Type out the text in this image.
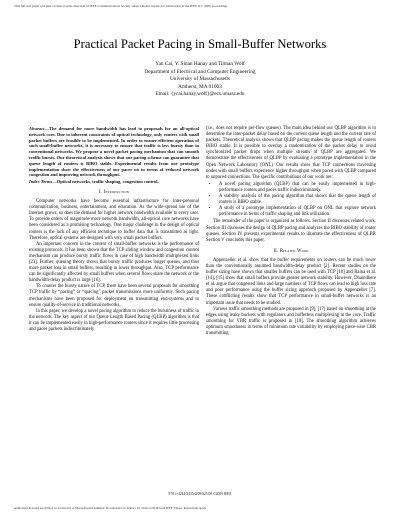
This full text paper was peer reviewed at the direction of IEEE Communications Society subject matter experts for publication in the IEEE ICC 2009 proceedings
Practical Packet Pacing in Small-Buffer Networks
Yan Cai, Y. Sinan Hanay and Tilman Wolf
Department of Electrical and Computer Engineering
University of Massachusetts
Amherst, MA 01003
Email: {ycai,hanay,wolf}@ecs.umass.edu

Abstract—The demand for more bandwidth has lead to proposals for an all-optical network core. Due to inherent constraints of optical technology, only routers with small packet buffers are feasible to be implemented. In order to ensure efficient operation of such small-buffer networks, it is necessary to ensure that traffic is less bursty than in conventional networks. We propose a novel packet pacing mechanism that can smooth traffic bursts. Our theoretical analysis shows that our pacing scheme can guarantee that queue length of routers is BIBO stable. Experimental results from our prototype implementation show the effectiveness of our pacer on in terms of reduced network congestion and improving network throughput.

Index Terms—Optical networks, traffic shaping, congestion control.

I. Introduction

Computer networks have become essential infrastructure for inter-personal communication, business, entertainment, and education. As the wide-spread use of the Internet grows, so does the demand for higher network bandwidth available to every user. To provide orders of magnitude more network bandwidth, all-optical core networks have been considered as a promising technology. One major challenge in the design of optical routers is the lack of any efficient technique to buffer data that is transmitted as light. Therefore, optical systems are designed with very small packet buffers.

An important concern in the context of small-buffer networks is the performance of existing protocols. It has been shown that the TCP sliding window and congestion control mechanism can produce bursty traffic flows in case of high bandwidth multiplexed links [23]. Further, queuing theory shows that bursty traffic produces longer queues, and thus more packet loss in small buffers, resulting in lower throughput. Also, TCP performance can be significantly affected by small buffers when several flows share the network or the bandwidth-delay product is large [16].

To counter the bursty nature of TCP, there have been several proposals for smoothing TCP traffic by “pacing” or “spacing” packet transmissions more uniformly. Such pacing mechanisms have been proposed for deployment on transmitting end-systems and to ensure quality-of-service in traditional networks.

In this paper, we develop a novel pacing algorithm to reduce the burstiness of traffic in the network. The key aspect of our Queue Length Based Pacing (QLBP) algorithm is that it can be implemented easily in high-performance routers since it requires little processing and paces packets indiscriminately

(i.e., does not require per-flow queues). The main idea behind our QLBP algorithm is to determine the inter-packet delay based on the current queue length and the current rate of packets. Theoretical analysis shows that QLBP pacing makes the queue length of routers BIBO stable. It is possible to overlay a randomization of the packet delay to avoid synchronized packet drops when multiple streams of QLBP are aggregated. We demonstrate the effectiveness of QLBP by evaluating a prototype implementation in the Open Network Laboratory (ONL). Our results show that TCP connections traversing nodes with small buffers experience higher throughput when paced with QLBP compared to unpaced connections. The specific contributions of our work are:

• A novel pacing algorithm (QLBP) that can be easily implemented in high-performance routers and paces traffic indiscriminately.
• A stability analysis of the pacing algorithm that shows that the queue length of routers is BIBO stable.
• A study of a prototype implementation of QLBP on ONL that explore network performance in terms of traffic shaping and link utilization.

The remainder of the paper is organized as follows. Section II discusses related work. Section III discusses the design of QLBP pacing and analyzes the BIBO stability of router queues. Section IV presents experimental results to illustrate the effectiveness of QLBP. Section V concludes this paper.

II. Related Work

Appenzeller et al. show that the buffer requirements on routers can be much lower than the conventionally assumed bandwidth-delay product [2]. Recent studies on the buffer sizing have shown that smaller buffers can be used with TCP [10] and Raina et al. [14], [15] show that small buffers provide greater network stability. However, Dhamdhere et al. argue that congested links and large numbers of TCP flows can lead to high loss rate and poor performance using the buffer sizing approach proposed by Appenzeller [7]. These conflicting results show that TCP performance in small-buffer networks is an important issue that needs to be studied.

Various traffic smoothing methods are proposed in [9], [17] based on smoothing at the edges using leaky buckets with regulators and bufferless multiplexing at the core. Traffic smoothing for VBR traffic is proposed in [18]. The smoothing algorithm achieves optimum smoothness in terms of minimum rate variability by employing piece-wise CBR transmitting

978-1-4244-3435-0/09/$25.00 ©2009 IEEE
Authorized licensed use limited to: University of Massachusetts Amherst. Downloaded on January 20, 2010 at 09:48 from IEEE Xplore. Restrictions apply.
